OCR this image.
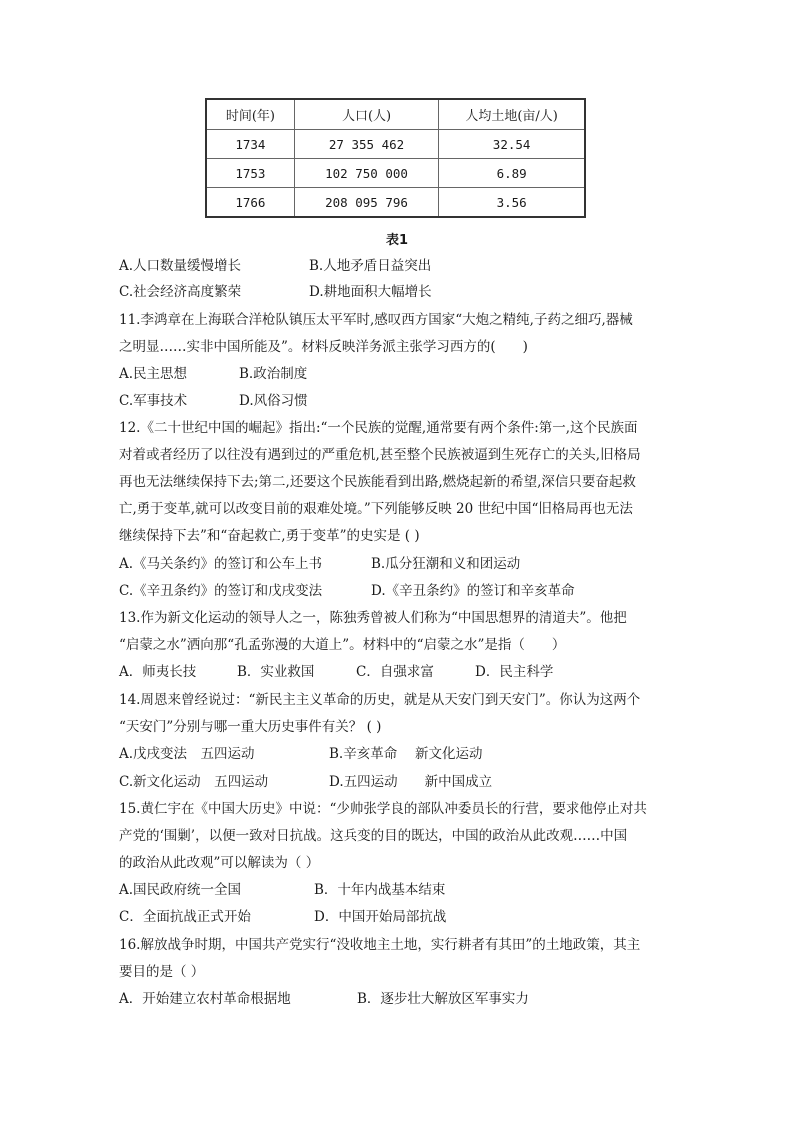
时间(年)	人口(人)	人均土地(亩/人)
1734	27 355 462	32.54
1753	102 750 000	6.89
1766	208 095 796	3.56
表1
A.人口数量缓慢增长	B.人地矛盾日益突出
C.社会经济高度繁荣	D.耕地面积大幅增长
11.李鸿章在上海联合洋枪队镇压太平军时,感叹西方国家“大炮之精纯,子药之细巧,器械
之明显……实非中国所能及”。材料反映洋务派主张学习西方的(　　)
A.民主思想	B.政治制度
C.军事技术	D.风俗习惯
12.《二十世纪中国的崛起》指出:“一个民族的觉醒,通常要有两个条件:第一,这个民族面
对着或者经历了以往没有遇到过的严重危机,甚至整个民族被逼到生死存亡的关头,旧格局
再也无法继续保持下去;第二,还要这个民族能看到出路,燃烧起新的希望,深信只要奋起救
亡,勇于变革,就可以改变目前的艰难处境。”下列能够反映 20 世纪中国“旧格局再也无法
继续保持下去”和“奋起救亡,勇于变革”的史实是 ( )
A.《马关条约》的签订和公车上书	B.瓜分狂潮和义和团运动
C.《辛丑条约》的签订和戊戌变法	D.《辛丑条约》的签订和辛亥革命
13.作为新文化运动的领导人之一，陈独秀曾被人们称为“中国思想界的清道夫”。他把
“启蒙之水”洒向那“孔孟弥漫的大道上”。材料中的“启蒙之水”是指（　　）
A．师夷长技	B．实业救国	C．自强求富	D．民主科学
14.周恩来曾经说过：“新民主主义革命的历史，就是从天安门到天安门”。你认为这两个
“天安门”分别与哪一重大历史事件有关？ ( )
A.戊戌变法　五四运动	B.辛亥革命　 新文化运动
C.新文化运动　五四运动	D.五四运动　　新中国成立
15.黄仁宇在《中国大历史》中说：“少帅张学良的部队冲委员长的行营，要求他停止对共
产党的‘围剿’，以便一致对日抗战。这兵变的目的既达，中国的政治从此改观……中国
的政治从此改观”可以解读为（ ）
A.国民政府统一全国	B．十年内战基本结束
C．全面抗战正式开始	D．中国开始局部抗战
16.解放战争时期，中国共产党实行“没收地主土地，实行耕者有其田”的土地政策，其主
要目的是（ ）
A．开始建立农村革命根据地	B．逐步壮大解放区军事实力
